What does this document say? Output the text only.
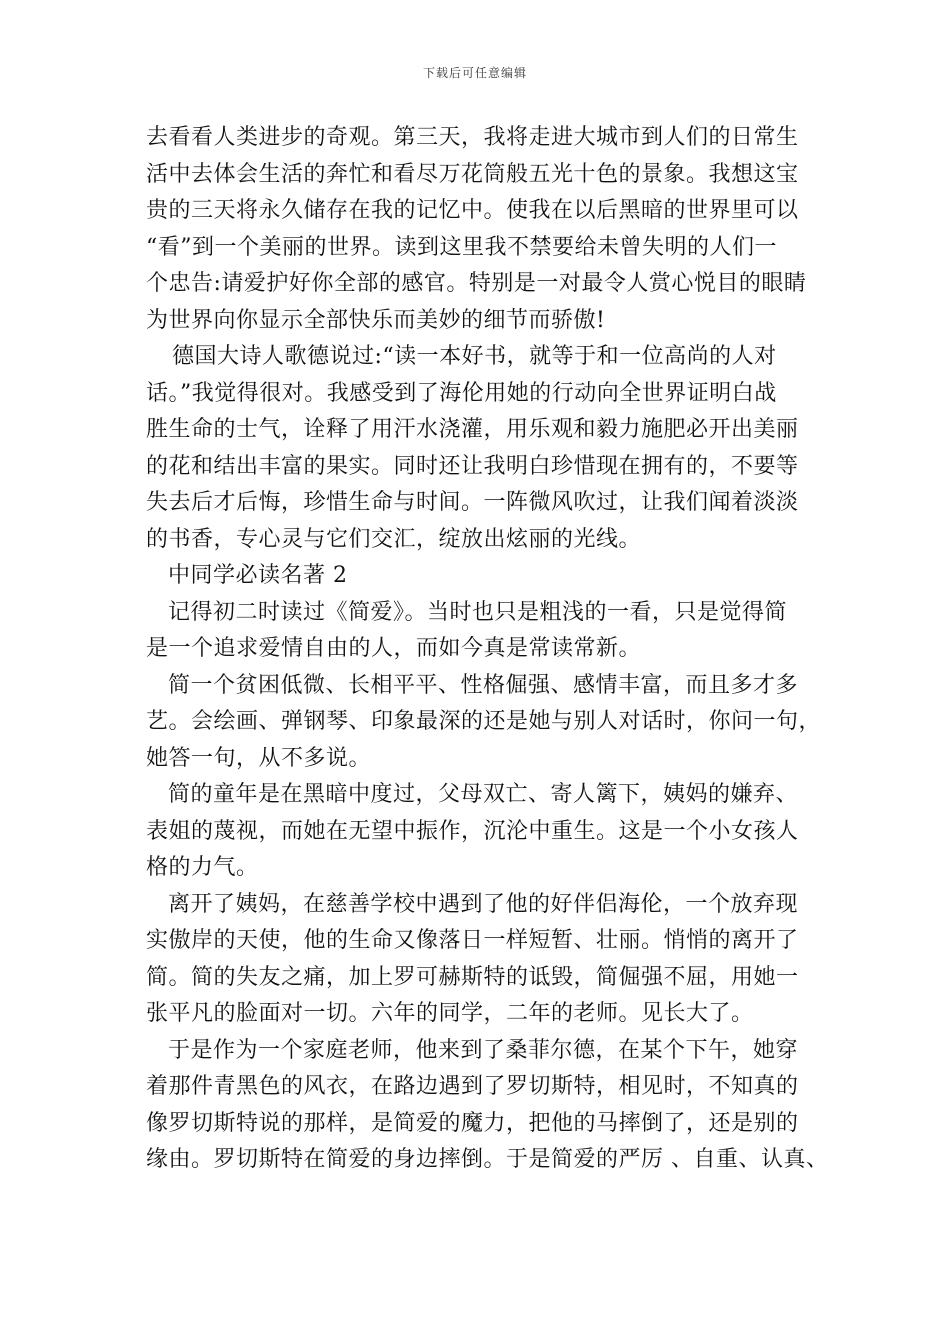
下载后可任意编辑
去看看人类进步的奇观。第三天，我将走进大城市到人们的日常生
活中去体会生活的奔忙和看尽万花筒般五光十色的景象。我想这宝
贵的三天将永久储存在我的记忆中。使我在以后黑暗的世界里可以
“看”到一个美丽的世界。读到这里我不禁要给未曾失明的人们一
个忠告:请爱护好你全部的感官。特别是一对最令人赏心悦目的眼睛
为世界向你显示全部快乐而美妙的细节而骄傲!
德国大诗人歌德说过:“读一本好书，就等于和一位高尚的人对
话。”我觉得很对。我感受到了海伦用她的行动向全世界证明白战
胜生命的士气，诠释了用汗水浇灌，用乐观和毅力施肥必开出美丽
的花和结出丰富的果实。同时还让我明白珍惜现在拥有的，不要等
失去后才后悔，珍惜生命与时间。一阵微风吹过，让我们闻着淡淡
的书香，专心灵与它们交汇，绽放出炫丽的光线。
中同学必读名著 2
记得初二时读过《简爱》。当时也只是粗浅的一看，只是觉得简
是一个追求爱情自由的人，而如今真是常读常新。
简一个贫困低微、长相平平、性格倔强、感情丰富，而且多才多
艺。会绘画、弹钢琴、印象最深的还是她与别人对话时，你问一句，
她答一句，从不多说。
简的童年是在黑暗中度过，父母双亡、寄人篱下，姨妈的嫌弃、
表姐的蔑视，而她在无望中振作，沉沦中重生。这是一个小女孩人
格的力气。
离开了姨妈，在慈善学校中遇到了他的好伴侣海伦，一个放弃现
实傲岸的天使，他的生命又像落日一样短暂、壮丽。悄悄的离开了
简。简的失友之痛，加上罗可赫斯特的诋毁，简倔强不屈，用她一
张平凡的脸面对一切。六年的同学，二年的老师。见长大了。
于是作为一个家庭老师，他来到了桑菲尔德，在某个下午，她穿
着那件青黑色的风衣，在路边遇到了罗切斯特，相见时，不知真的
像罗切斯特说的那样，是简爱的魔力，把他的马摔倒了，还是别的
缘由。罗切斯特在简爱的身边摔倒。于是简爱的严厉 、自重、认真、
